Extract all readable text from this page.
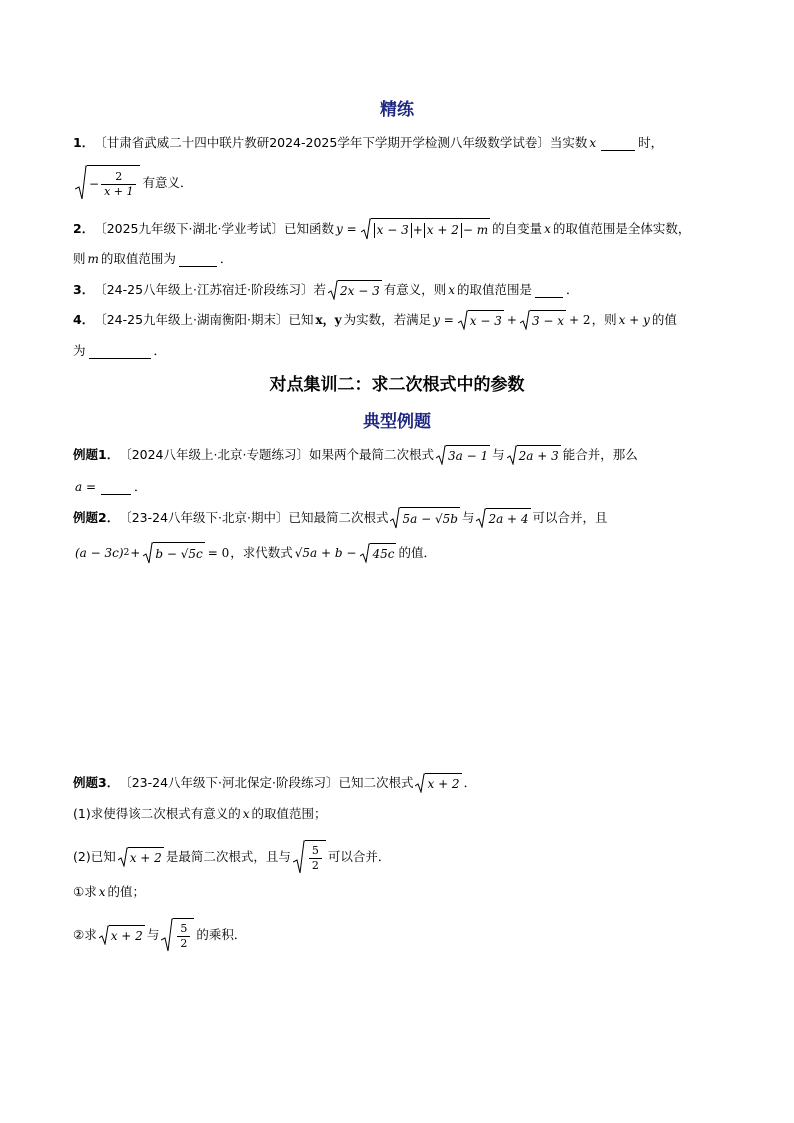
精练
1． 〔甘肃省武威二十四中联片教研2024-2025学年下学期开学检测八年级数学试卷〕当实数 x	时，
− $\frac{2}{x + 1}$ 有意义．
2． 〔2025九年级下·湖北·学业考试〕已知函数 y = x − 3 + x + 2 − m 的自变量 x 的取值范围是全体实数，
则 m 的取值范围为	．
3． 〔24-25八年级上·江苏宿迁·阶段练习〕若 2x − 3 有意义，则 x 的取值范围是	．
4． 〔24-25九年级上·湖南衡阳·期末〕已知 x，y 为实数，若满足 y = x − 3 + 3 − x + 2 ，则 x + y 的值
为	．
对点集训二：求二次根式中的参数
典型例题
例题1． 〔2024八年级上·北京·专题练习〕如果两个最简二次根式 3a − 1 与 2a + 3 能合并，那么
a =	．
例题2． 〔23-24八年级下·北京·期中〕已知最简二次根式 5a − √5b 与 2a + 4 可以合并，且
(a − 3c) 2 + b − √5c = 0 ，求代数式 √5a + b − 45c 的值．
例题3． 〔23-24八年级下·河北保定·阶段练习〕已知二次根式 x + 2 ．
(1)求使得该二次根式有意义的 x 的取值范围；
(2)已知 x + 2 是最简二次根式，且与 $\frac{5}{2}$ 可以合并．
①求 x 的值；
②求 x + 2 与 $\frac{5}{2}$ 的乘积．
